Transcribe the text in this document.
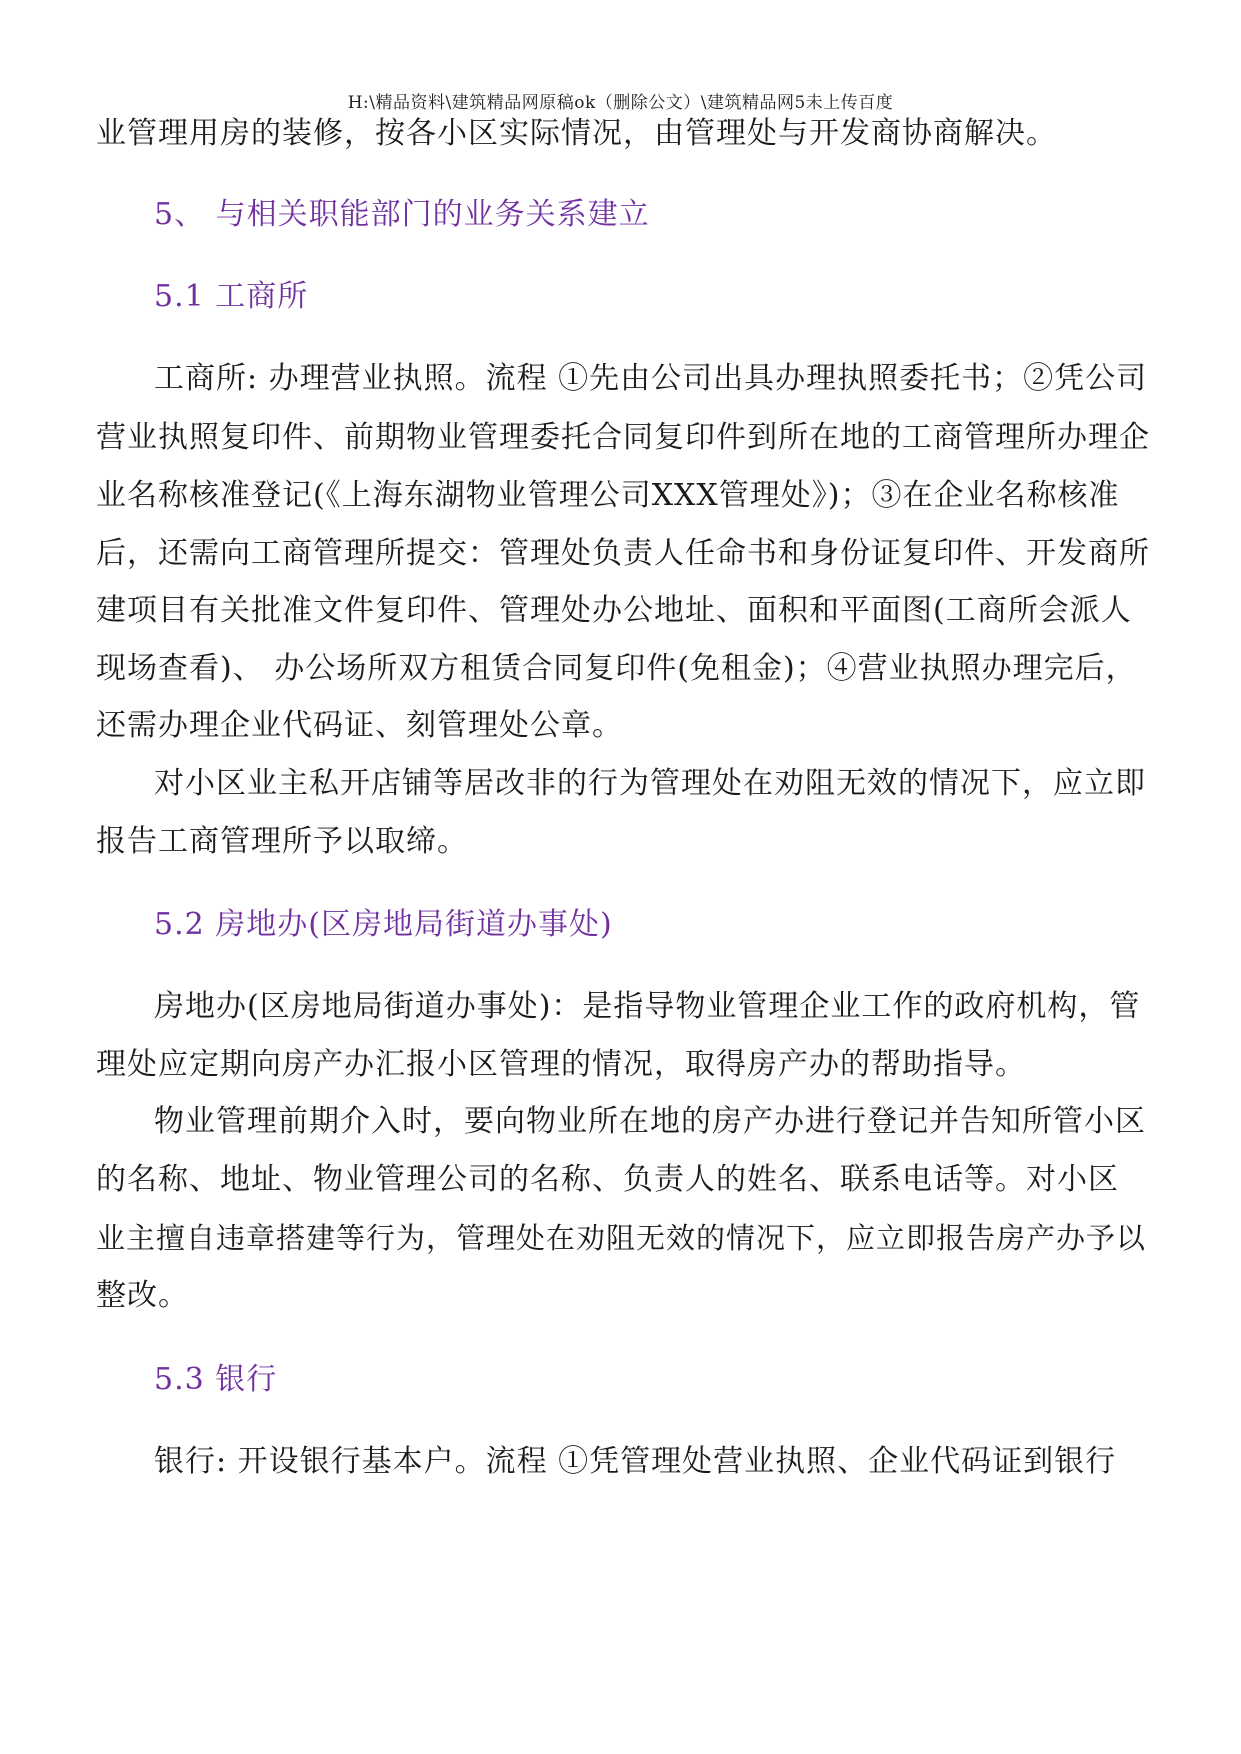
H:\精品资料\建筑精品网原稿ok（删除公文）\建筑精品网5未上传百度
业管理用房的装修，按各小区实际情况，由管理处与开发商协商解决。
5、 与相关职能部门的业务关系建立
5.1 工商所
工商所: 办理营业执照。流程 ①先由公司出具办理执照委托书；②凭公司
营业执照复印件、前期物业管理委托合同复印件到所在地的工商管理所办理企
业名称核准登记(《上海东湖物业管理公司XXX管理处》)；③在企业名称核准
后，还需向工商管理所提交：管理处负责人任命书和身份证复印件、开发商所
建项目有关批准文件复印件、管理处办公地址、面积和平面图(工商所会派人
现场查看)、 办公场所双方租赁合同复印件(免租金)；④营业执照办理完后，
还需办理企业代码证、刻管理处公章。
对小区业主私开店铺等居改非的行为管理处在劝阻无效的情况下，应立即
报告工商管理所予以取缔。
5.2 房地办(区房地局街道办事处)
房地办(区房地局街道办事处)：是指导物业管理企业工作的政府机构，管
理处应定期向房产办汇报小区管理的情况，取得房产办的帮助指导。
物业管理前期介入时，要向物业所在地的房产办进行登记并告知所管小区
的名称、地址、物业管理公司的名称、负责人的姓名、联系电话等。对小区
业主擅自违章搭建等行为，管理处在劝阻无效的情况下，应立即报告房产办予以
整改。
5.3 银行
银行: 开设银行基本户。流程 ①凭管理处营业执照、企业代码证到银行
